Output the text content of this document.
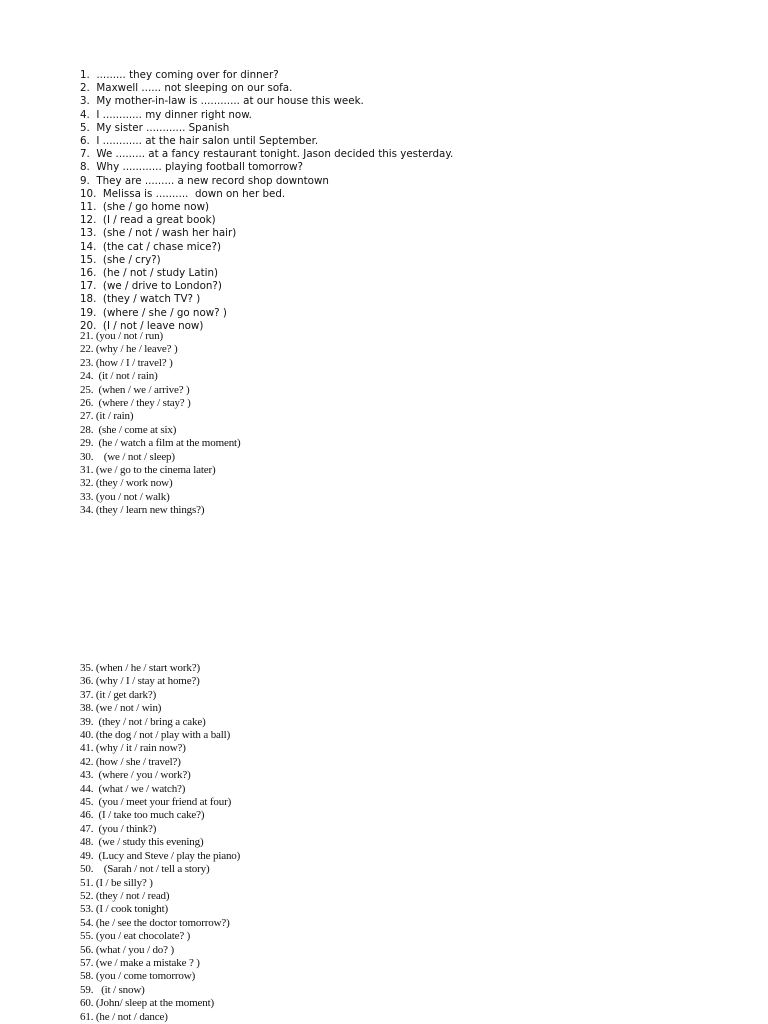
1.  ......... they coming over for dinner?
2.  Maxwell ...... not sleeping on our sofa.
3.  My mother-in-law is ............ at our house this week.
4.  I ............ my dinner right now.
5.  My sister ............ Spanish
6.  I ............ at the hair salon until September.
7.  We ......... at a fancy restaurant tonight. Jason decided this yesterday.
8.  Why ............ playing football tomorrow?
9.  They are ......... a new record shop downtown
10.  Melissa is ..........  down on her bed.
11.  (she / go home now)
12.  (I / read a great book)
13.  (she / not / wash her hair)
14.  (the cat / chase mice?)
15.  (she / cry?)
16.  (he / not / study Latin)
17.  (we / drive to London?)
18.  (they / watch TV? )
19.  (where / she / go now? )
20.  (I / not / leave now)
21. (you / not / run)
22. (why / he / leave? )
23. (how / I / travel? )
24.  (it / not / rain)
25.  (when / we / arrive? )
26.  (where / they / stay? )
27. (it / rain)
28.  (she / come at six)
29.  (he / watch a film at the moment)
30.    (we / not / sleep)
31. (we / go to the cinema later)
32. (they / work now)
33. (you / not / walk)
34. (they / learn new things?)
35. (when / he / start work?)
36. (why / I / stay at home?)
37. (it / get dark?)
38. (we / not / win)
39.  (they / not / bring a cake)
40. (the dog / not / play with a ball)
41. (why / it / rain now?)
42. (how / she / travel?)
43.  (where / you / work?)
44.  (what / we / watch?)
45.  (you / meet your friend at four)
46.  (I / take too much cake?)
47.  (you / think?)
48.  (we / study this evening)
49.  (Lucy and Steve / play the piano)
50.    (Sarah / not / tell a story)
51. (I / be silly? )
52. (they / not / read)
53. (I / cook tonight)
54. (he / see the doctor tomorrow?)
55. (you / eat chocolate? )
56. (what / you / do? )
57. (we / make a mistake ? )
58. (you / come tomorrow)
59.   (it / snow)
60. (John/ sleep at the moment)
61. (he / not / dance)
